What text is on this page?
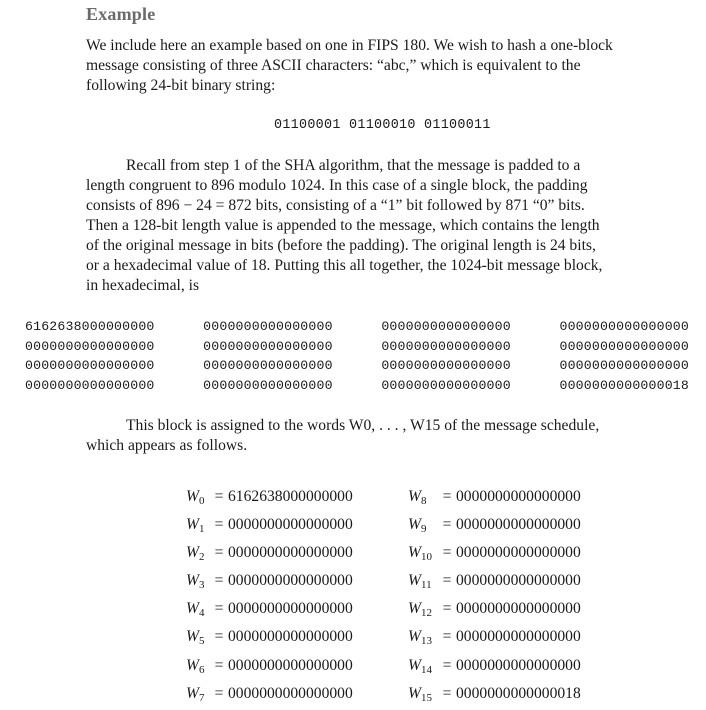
Example
We include here an example based on one in FIPS 180. We wish to hash a one-block
message consisting of three ASCII characters: “abc,” which is equivalent to the
following 24-bit binary string:
01100001 01100010 01100011
Recall from step 1 of the SHA algorithm, that the message is padded to a
length congruent to 896 modulo 1024. In this case of a single block, the padding
consists of 896 − 24 = 872 bits, consisting of a “1” bit followed by 871 “0” bits.
Then a 128-bit length value is appended to the message, which contains the length
of the original message in bits (before the padding). The original length is 24 bits,
or a hexadecimal value of 18. Putting this all together, the 1024-bit message block,
in hexadecimal, is
6162638000000000	0000000000000000	0000000000000000	0000000000000000
0000000000000000	0000000000000000	0000000000000000	0000000000000000
0000000000000000	0000000000000000	0000000000000000	0000000000000000
0000000000000000	0000000000000000	0000000000000000	0000000000000018
This block is assigned to the words W0, . . . , W15 of the message schedule,
which appears as follows.
$W_0 = 6162638000000000$
$W_1 = 0000000000000000$
$W_2 = 0000000000000000$
$W_3 = 0000000000000000$
$W_4 = 0000000000000000$
$W_5 = 0000000000000000$
$W_6 = 0000000000000000$
$W_7 = 0000000000000000$
$W_8$	= 0000000000000000
$W_9$	= 0000000000000000
$W_{10} = 0000000000000000$
$W_{11} = 0000000000000000$
$W_{12} = 0000000000000000$
$W_{13} = 0000000000000000$
$W_{14} = 0000000000000000$
$W_{15} = 0000000000000018$
